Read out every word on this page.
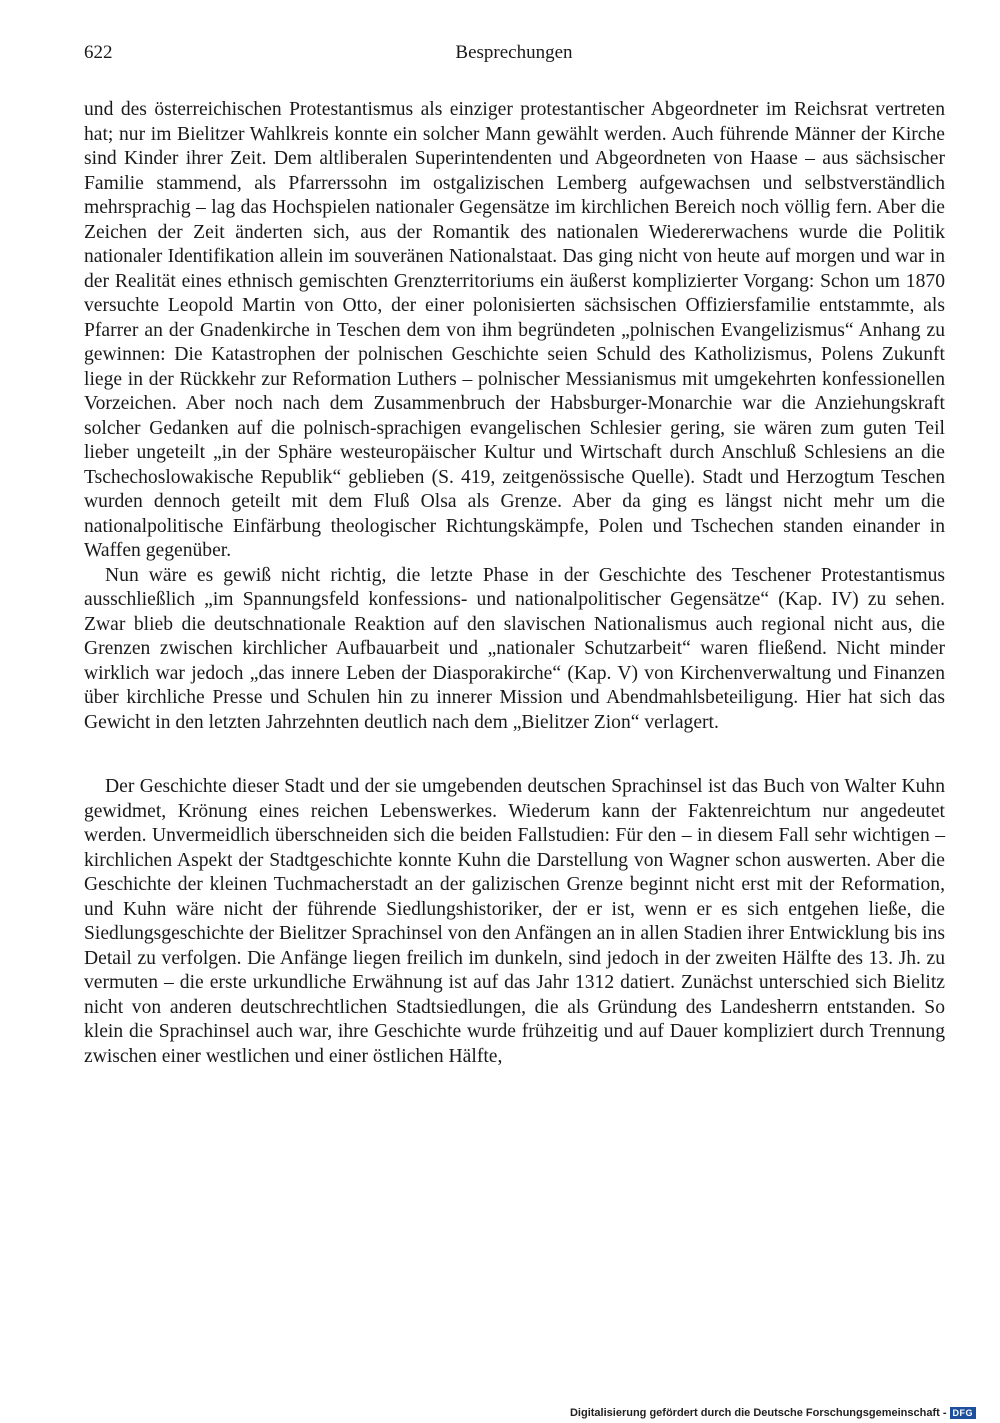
622	Besprechungen

und des österreichischen Protestantismus als einziger protestantischer Abgeordneter im Reichsrat vertreten hat; nur im Bielitzer Wahlkreis konnte ein solcher Mann gewählt werden. Auch führende Männer der Kirche sind Kinder ihrer Zeit. Dem altliberalen Superintendenten und Abgeordneten von Haase – aus sächsischer Familie stammend, als Pfarrerssohn im ostgalizischen Lemberg aufgewachsen und selbstverständlich mehrsprachig – lag das Hochspielen nationaler Gegensätze im kirchlichen Bereich noch völlig fern. Aber die Zeichen der Zeit änderten sich, aus der Romantik des nationalen Wiedererwachens wurde die Politik nationaler Identifikation allein im souveränen Nationalstaat. Das ging nicht von heute auf morgen und war in der Realität eines ethnisch gemischten Grenzterritoriums ein äußerst komplizierter Vorgang: Schon um 1870 versuchte Leopold Martin von Otto, der einer polonisierten sächsischen Offiziersfamilie entstammte, als Pfarrer an der Gnadenkirche in Teschen dem von ihm begründeten „polnischen Evangelizismus“ Anhang zu gewinnen: Die Katastrophen der polnischen Geschichte seien Schuld des Katholizismus, Polens Zukunft liege in der Rückkehr zur Reformation Luthers – polnischer Messianismus mit umgekehrten konfessionellen Vorzeichen. Aber noch nach dem Zusammenbruch der Habsburger-Monarchie war die Anziehungskraft solcher Gedanken auf die polnisch-sprachigen evangelischen Schlesier gering, sie wären zum guten Teil lieber ungeteilt „in der Sphäre westeuropäischer Kultur und Wirtschaft durch Anschluß Schlesiens an die Tschechoslowakische Republik“ geblieben (S. 419, zeitgenössische Quelle). Stadt und Herzogtum Teschen wurden dennoch geteilt mit dem Fluß Olsa als Grenze. Aber da ging es längst nicht mehr um die nationalpolitische Einfärbung theologischer Richtungskämpfe, Polen und Tschechen standen einander in Waffen gegenüber.

Nun wäre es gewiß nicht richtig, die letzte Phase in der Geschichte des Teschener Protestantismus ausschließlich „im Spannungsfeld konfessions- und nationalpolitischer Gegensätze“ (Kap. IV) zu sehen. Zwar blieb die deutschnationale Reaktion auf den slavischen Nationalismus auch regional nicht aus, die Grenzen zwischen kirchlicher Aufbauarbeit und „nationaler Schutzarbeit“ waren fließend. Nicht minder wirklich war jedoch „das innere Leben der Diasporakirche“ (Kap. V) von Kirchenverwaltung und Finanzen über kirchliche Presse und Schulen hin zu innerer Mission und Abendmahlsbeteiligung. Hier hat sich das Gewicht in den letzten Jahrzehnten deutlich nach dem „Bielitzer Zion“ verlagert.

Der Geschichte dieser Stadt und der sie umgebenden deutschen Sprachinsel ist das Buch von Walter Kuhn gewidmet, Krönung eines reichen Lebenswerkes. Wiederum kann der Faktenreichtum nur angedeutet werden. Unvermeidlich überschneiden sich die beiden Fallstudien: Für den – in diesem Fall sehr wichtigen – kirchlichen Aspekt der Stadtgeschichte konnte Kuhn die Darstellung von Wagner schon auswerten. Aber die Geschichte der kleinen Tuchmacherstadt an der galizischen Grenze beginnt nicht erst mit der Reformation, und Kuhn wäre nicht der führende Siedlungshistoriker, der er ist, wenn er es sich entgehen ließe, die Siedlungsgeschichte der Bielitzer Sprachinsel von den Anfängen an in allen Stadien ihrer Entwicklung bis ins Detail zu verfolgen. Die Anfänge liegen freilich im dunkeln, sind jedoch in der zweiten Hälfte des 13. Jh. zu vermuten – die erste urkundliche Erwähnung ist auf das Jahr 1312 datiert. Zunächst unterschied sich Bielitz nicht von anderen deutschrechtlichen Stadtsiedlungen, die als Gründung des Landesherrn entstanden. So klein die Sprachinsel auch war, ihre Geschichte wurde frühzeitig und auf Dauer kompliziert durch Trennung zwischen einer westlichen und einer östlichen Hälfte,

Digitalisierung gefördert durch die Deutsche Forschungsgemeinschaft - DFG
